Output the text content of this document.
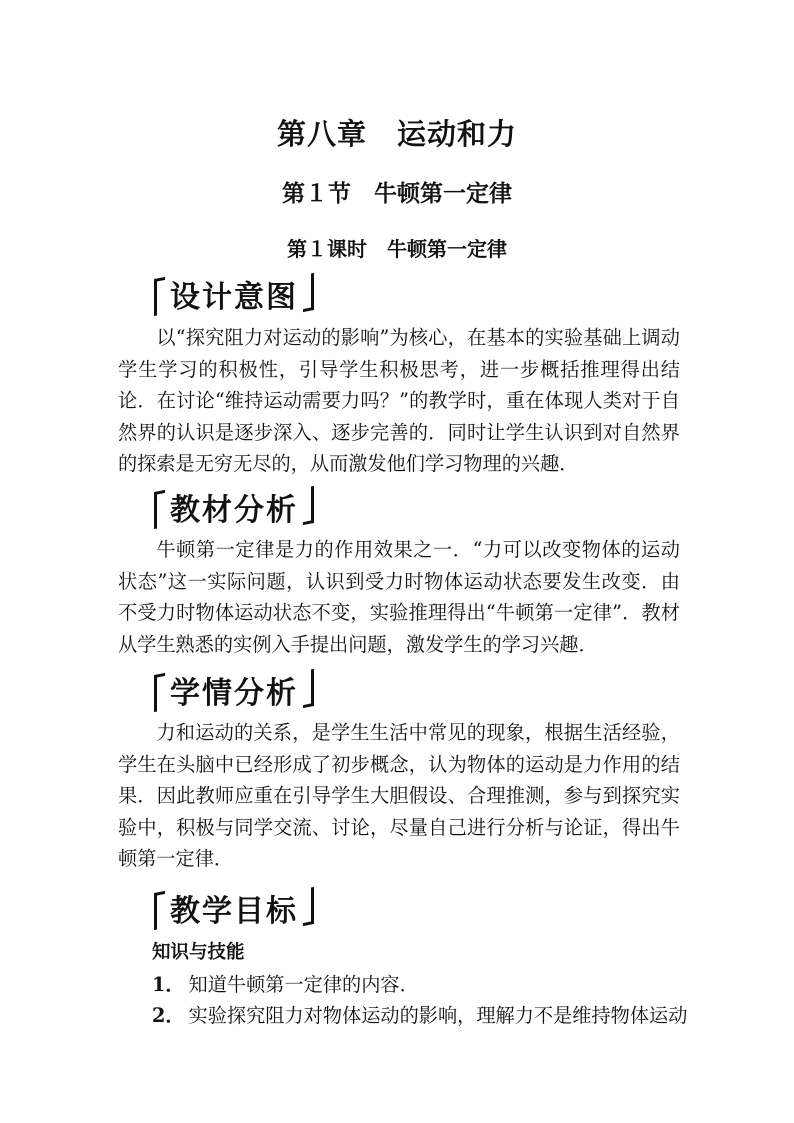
第八章　运动和力
第１节　牛顿第一定律
第１课时　牛顿第一定律
设计意图
以“探究阻力对运动的影响”为核心，在基本的实验基础上调动学生学习的积极性，引导学生积极思考，进一步概括推理得出结论．在讨论“维持运动需要力吗？”的教学时，重在体现人类对于自然界的认识是逐步深入、逐步完善的．同时让学生认识到对自然界的探索是无穷无尽的，从而激发他们学习物理的兴趣．
教材分析
牛顿第一定律是力的作用效果之一．“力可以改变物体的运动状态”这一实际问题，认识到受力时物体运动状态要发生改变．由不受力时物体运动状态不变，实验推理得出“牛顿第一定律”．教材从学生熟悉的实例入手提出问题，激发学生的学习兴趣．
学情分析
力和运动的关系，是学生生活中常见的现象，根据生活经验，学生在头脑中已经形成了初步概念，认为物体的运动是力作用的结果．因此教师应重在引导学生大胆假设、合理推测，参与到探究实验中，积极与同学交流、讨论，尽量自己进行分析与论证，得出牛顿第一定律．
教学目标
知识与技能
1． 知道牛顿第一定律的内容．
2． 实验探究阻力对物体运动的影响，理解力不是维持物体运动
